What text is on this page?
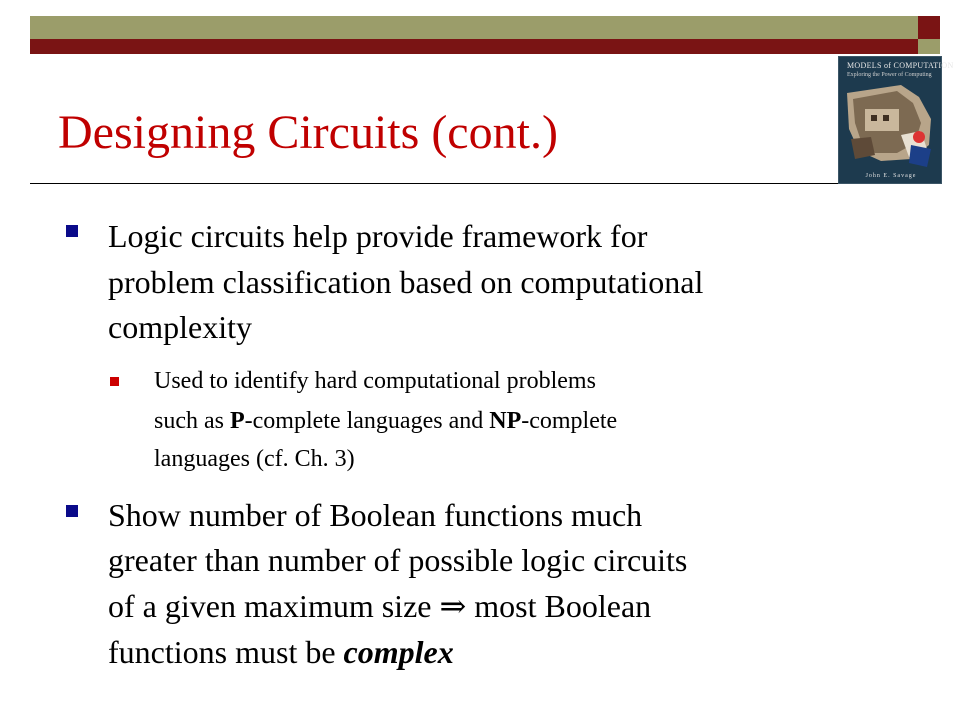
Designing Circuits (cont.)
MODELS of COMPUTATION
Exploring the Power of Computing
John E. Savage
Logic circuits help provide framework for
problem classification based on computational
complexity
Used to identify hard computational problems
such as P-complete languages and NP-complete
languages (cf. Ch. 3)
Show number of Boolean functions much
greater than number of possible logic circuits
of a given maximum size ⇒ most Boolean
functions must be complex
